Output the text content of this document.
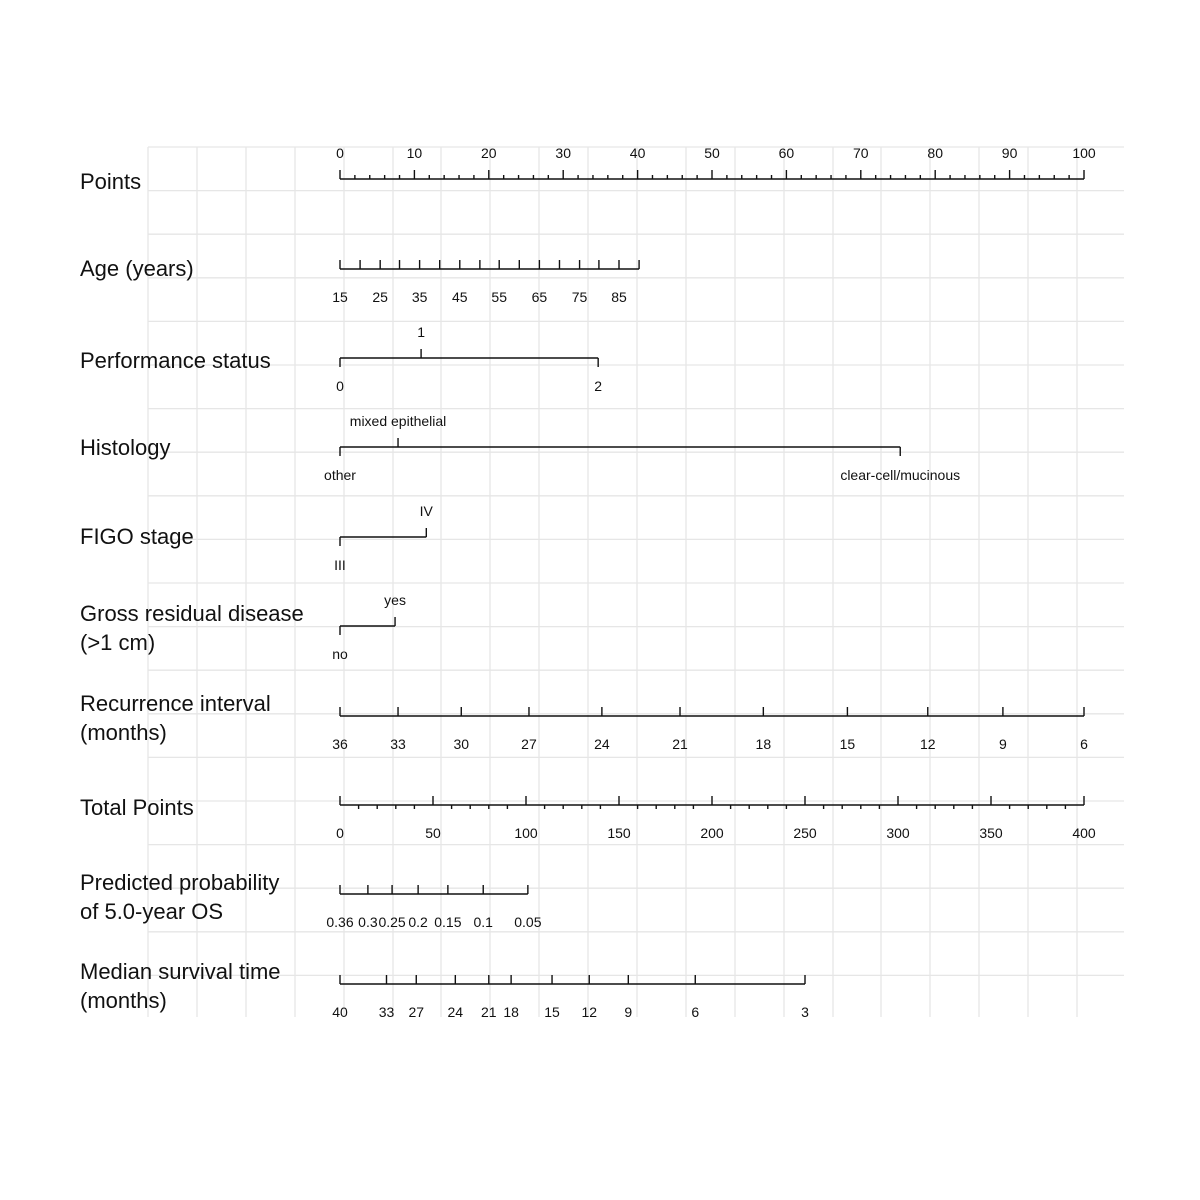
Points
0	10	20	30	40	50	60	70	80	90	100
Age (years)
15 25 35 45 55 65 75 85
Performance status
0
1
2
Histology
other
mixed epithelial
clear-cell/mucinous
FIGO stage
III
IV
Gross residual disease
(>1 cm)	no
yes
Recurrence interval
(months)	36	33	30	27	24	21	18	15	12	9	6
Total Points
0	50	100	150	200	250	300	350	400
Predicted probability
of 5.0-year OS	0.36 0.3 0.25 0.2 0.15 0.1 0.05
Median survival time
(months)	40 33 27 24 21 18 15 12 9	6	3
